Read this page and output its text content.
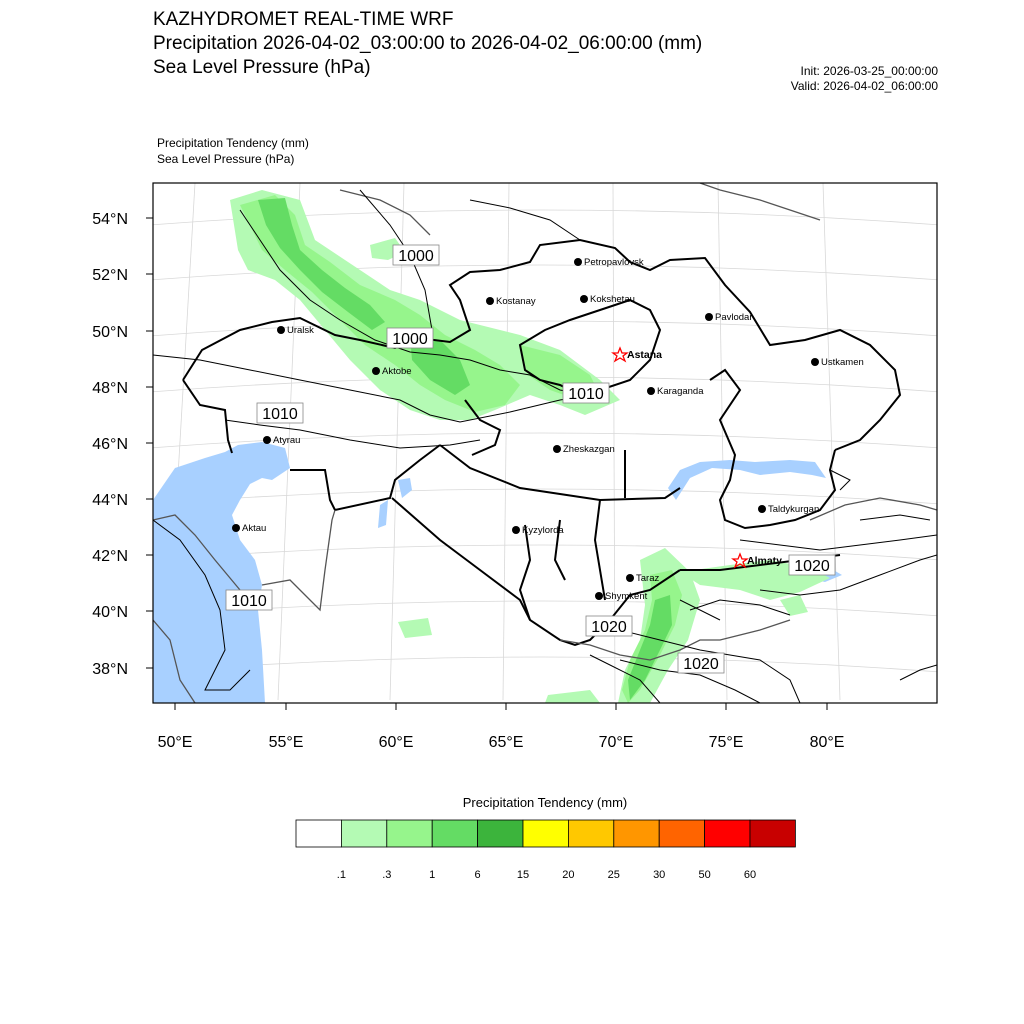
KAZHYDROMET REAL-TIME WRF
Precipitation 2026-04-02_03:00:00 to 2026-04-02_06:00:00 (mm)
Sea Level Pressure (hPa)	Init: 2026-03-25_00:00:00
Valid: 2026-04-02_06:00:00
Precipitation Tendency (mm)
Sea Level Pressure (hPa)
54°N
52°N
50°N
48°N
46°N
44°N
42°N
40°N
38°N
50°E	55°E	60°E	65°E	70°E	75°E	80°E
1000
1000
1010
1010
1010
1020
1020
1020
Petropavlovsk
Kostanay	Kokshetau
Pavlodar
Uralsk
Astana
Ustkamen
Aktobe
Karaganda
Atyrau
Zheskazgan
Aktau	Kyzylorda
Taldykurgan
Almaty
Taraz
Shymkent
.1	.3	1	6	15	20	25	30	50	60
Precipitation Tendency (mm)
